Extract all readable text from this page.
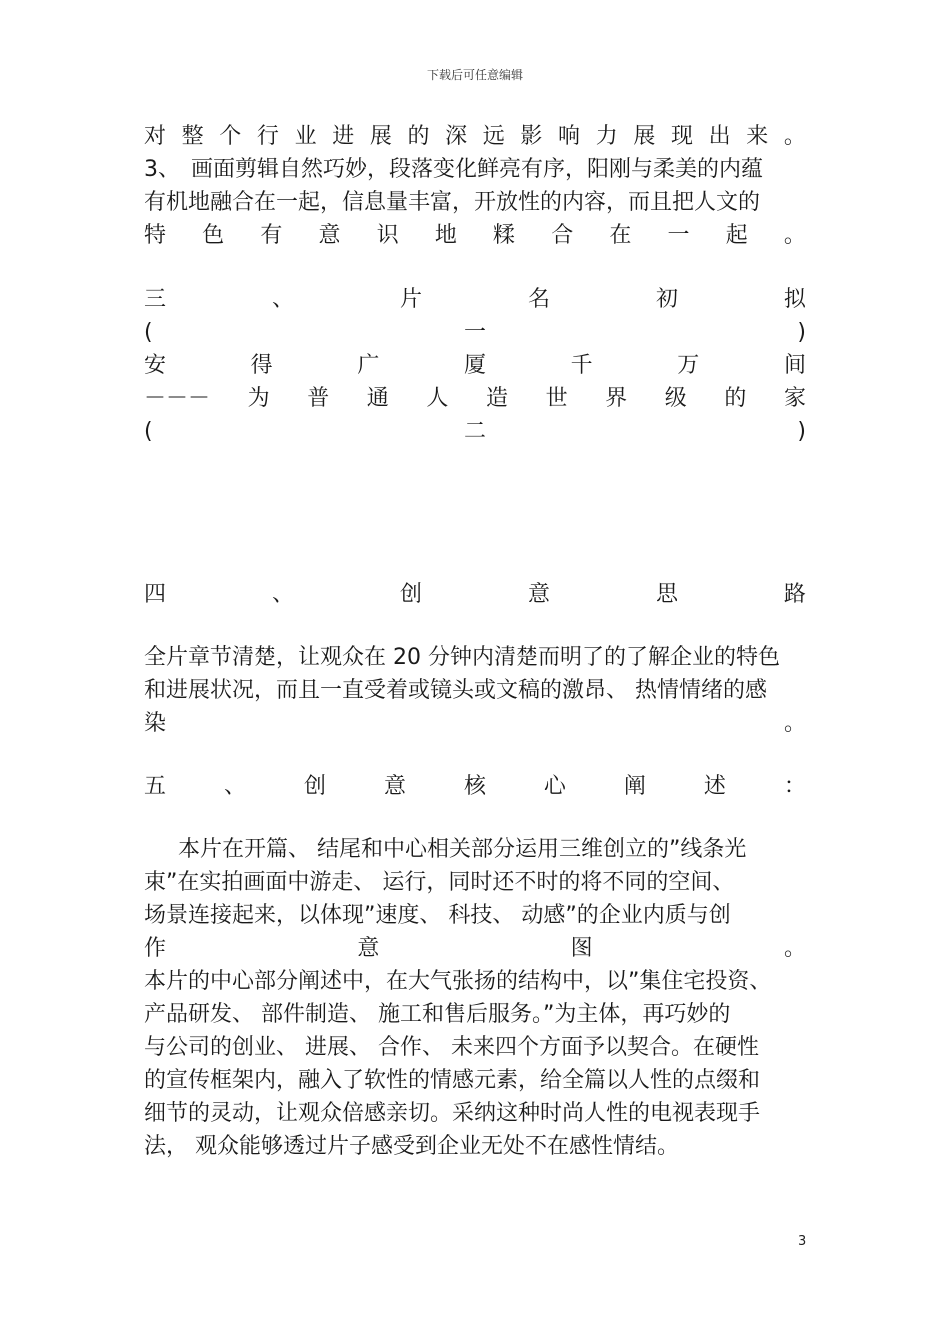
下载后可任意编辑
对 整 个 行 业 进 展 的 深 远 影 响 力 展 现 出 来 。
3、　画面剪辑自然巧妙，段落变化鲜亮有序，阳刚与柔美的内蕴
有机地融合在一起，信息量丰富，开放性的内容，而且把人文的
特 色 有 意 识 地 糅 合 在 一 起 。
三	、	片	名	初	拟
(	一	)
安	得	广	厦	千	万	间
－－－ 为 普 通 人 造 世 界 级 的 家
(	二	)
四	、	创	意	思	路
全片章节清楚，让观众在 20 分钟内清楚而明了的了解企业的特色
和进展状况，而且一直受着或镜头或文稿的激昂、 热情情绪的感
染	。
五	、	创	意	核	心	阐	述	：
本片在开篇、 结尾和中心相关部分运用三维创立的”线条光
束”在实拍画面中游走、 运行，同时还不时的将不同的空间、
场景连接起来，以体现”速度、 科技、 动感”的企业内质与创
作	意	图	。
本片的中心部分阐述中，在大气张扬的结构中，以”集住宅投资、
产品研发、 部件制造、 施工和售后服务。”为主体，再巧妙的
与公司的创业、 进展、 合作、 未来四个方面予以契合。在硬性
的宣传框架内，融入了软性的情感元素，给全篇以人性的点缀和
细节的灵动，让观众倍感亲切。采纳这种时尚人性的电视表现手
法， 观众能够透过片子感受到企业无处不在感性情结。
3
